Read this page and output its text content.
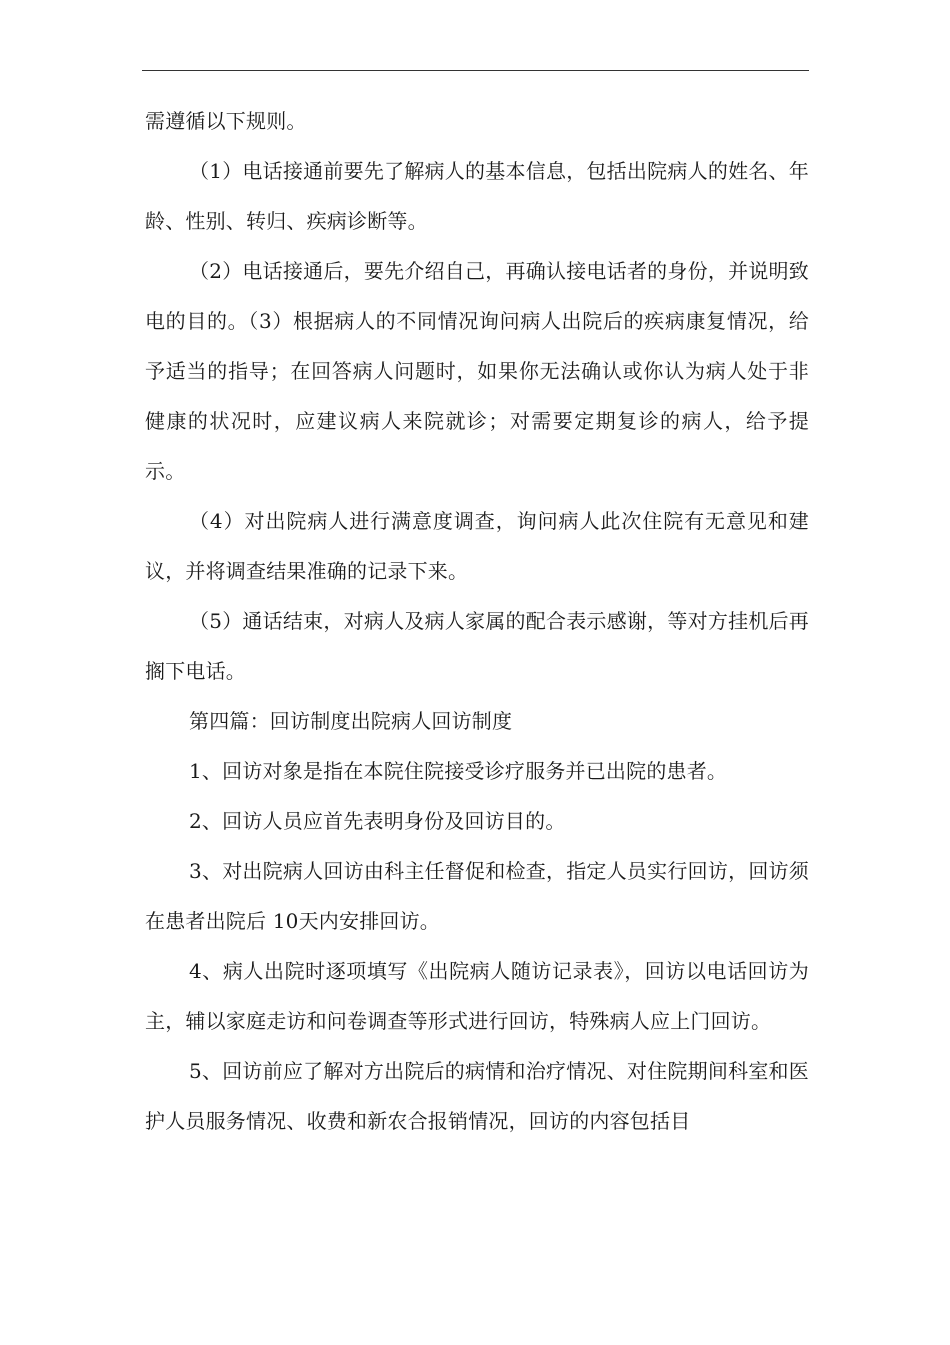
需遵循以下规则。

（1）电话接通前要先了解病人的基本信息，包括出院病人的姓名、年龄、性别、转归、疾病诊断等。

（2）电话接通后，要先介绍自己，再确认接电话者的身份，并说明致电的目的。（3）根据病人的不同情况询问病人出院后的疾病康复情况，给予适当的指导；在回答病人问题时，如果你无法确认或你认为病人处于非健康的状况时，应建议病人来院就诊；对需要定期复诊的病人，给予提示。

（4）对出院病人进行满意度调查，询问病人此次住院有无意见和建议，并将调查结果准确的记录下来。

（5）通话结束，对病人及病人家属的配合表示感谢，等对方挂机后再搁下电话。

第四篇：回访制度出院病人回访制度

1、回访对象是指在本院住院接受诊疗服务并已出院的患者。

2、回访人员应首先表明身份及回访目的。

3、对出院病人回访由科主任督促和检查，指定人员实行回访，回访须在患者出院后 10天内安排回访。

4、病人出院时逐项填写《出院病人随访记录表》，回访以电话回访为主，辅以家庭走访和问卷调查等形式进行回访，特殊病人应上门回访。

5、回访前应了解对方出院后的病情和治疗情况、对住院期间科室和医护人员服务情况、收费和新农合报销情况，回访的内容包括目
